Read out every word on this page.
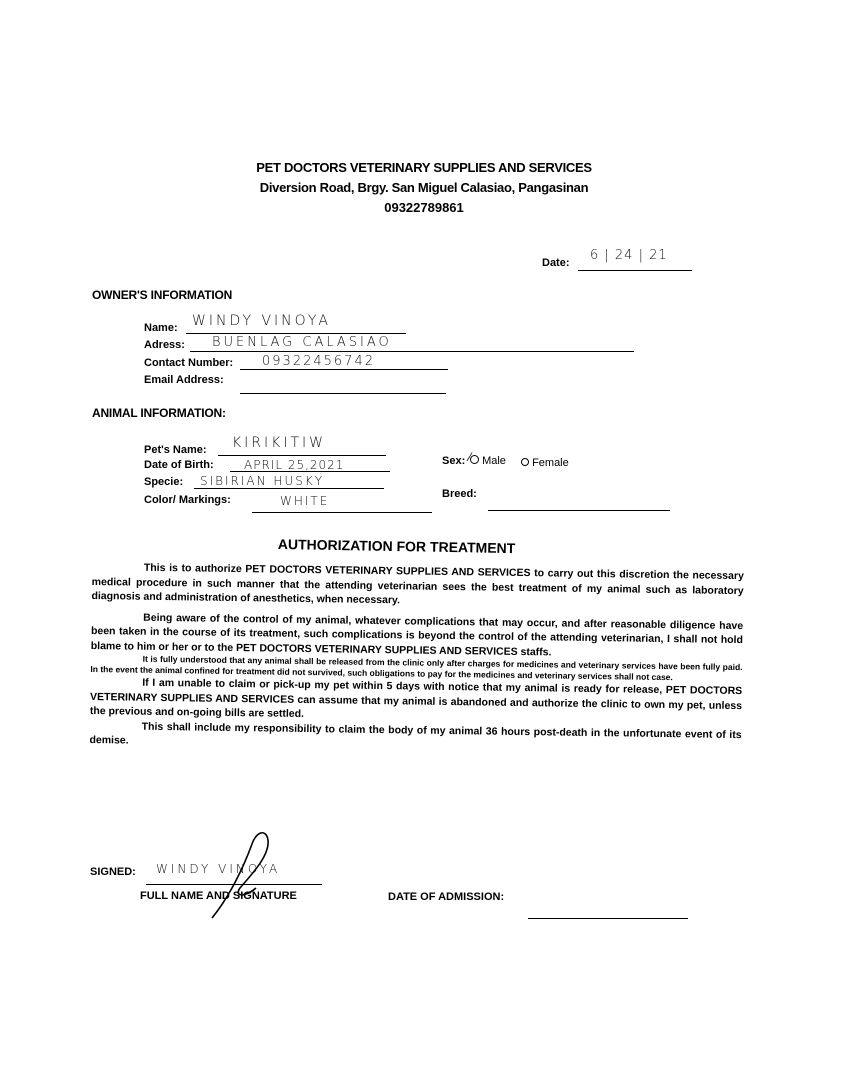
PET DOCTORS VETERINARY SUPPLIES AND SERVICES
Diversion Road, Brgy. San Miguel Calasiao, Pangasinan
09322789861
Date: 6 | 24 | 21
OWNER'S INFORMATION
Name: WINDY VINOYA
Adress: BUENLAG CALASIAO
Contact Number: 09322456742
Email Address:
ANIMAL INFORMATION:
Pet's Name: KIRIKITIW
Date of Birth:	APRIL 25,2021
Specie: SIBIRIAN HUSKY
Color/ Markings:	WHITE
Sex: ⁄ Male	Female
Breed:
AUTHORIZATION FOR TREATMENT

This is to authorize PET DOCTORS VETERINARY SUPPLIES AND SERVICES to carry out this discretion the necessary medical procedure in such manner that the attending veterinarian sees the best treatment of my animal such as laboratory diagnosis and administration of anesthetics, when necessary.

Being aware of the control of my animal, whatever complications that may occur, and after reasonable diligence have been taken in the course of its treatment, such complications is beyond the control of the attending veterinarian, I shall not hold blame to him or her or to the PET DOCTORS VETERINARY SUPPLIES AND SERVICES staffs.

It is fully understood that any animal shall be released from the clinic only after charges for medicines and veterinary services have been fully paid. In the event the animal confined for treatment did not survived, such obligations to pay for the medicines and veterinary services shall not case.

If I am unable to claim or pick-up my pet within 5 days with notice that my animal is ready for release, PET DOCTORS VETERINARY SUPPLIES AND SERVICES can assume that my animal is abandoned and authorize the clinic to own my pet, unless the previous and on-going bills are settled.

This shall include my responsibility to claim the body of my animal 36 hours post-death in the unfortunate event of its demise.

SIGNED: WINDY VINOYA
FULL NAME AND SIGNATURE	DATE OF ADMISSION:
